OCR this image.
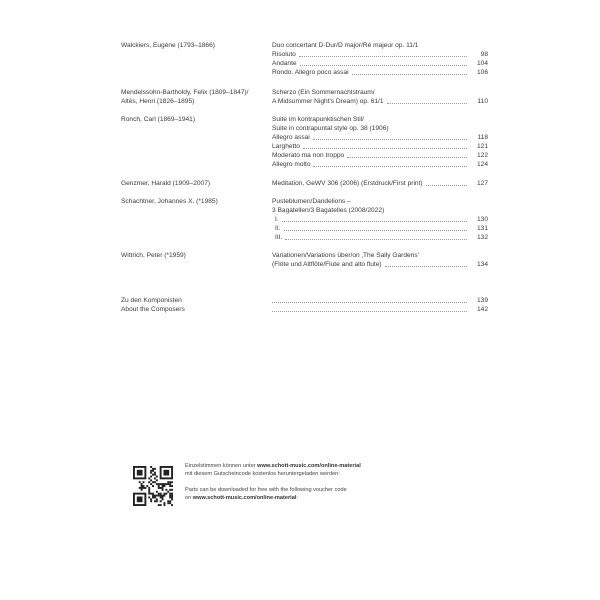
Walckiers, Eugène (1793–1866)	Duo concertant D-Dur/D major/Ré majeur op. 11/1
Risoluto	98
Andante	104
Rondo. Allegro poco assai	106
Mendelssohn-Bartholdy, Felix (1809–1847)/
Altès, Henri (1826–1895)
Scherzo (Ein Sommernachtstraum/
A Midsummer Night's Dream) op. 61/1	110
Ronch, Carl (1869–1941)	Suite im kontrapunktischen Stil/
Suite in contrapuntal style op. 38 (1906)
Allegro assai	118
Larghetto	121
Moderato ma non troppo	122
Allegro molto	124
Genzmer, Harald (1909–2007)	Meditation, GeWV 306 (2006) (Erstdruck/First print)	127
Schachtner, Johannes X. (*1985)	Pusteblumen/Dandelions –
3 Bagatellen/3 Bagatelles (2008/2022)
I.	130
II.	131
III.	132
Wittrich, Peter (*1959)	Variationen/Variations über/on ‚The Sally Gardens'
(Flöte und Altflöte/Flute and alto flute)	134
Zu den Komponisten	139
About the Composers	142
Einzelstimmen können unter www.schott-music.com/online-material
mit diesem Gutscheincode kostenlos heruntergeladen werden:
Parts can be downloaded for free with the following voucher code
on www.schott-music.com/online-material:
